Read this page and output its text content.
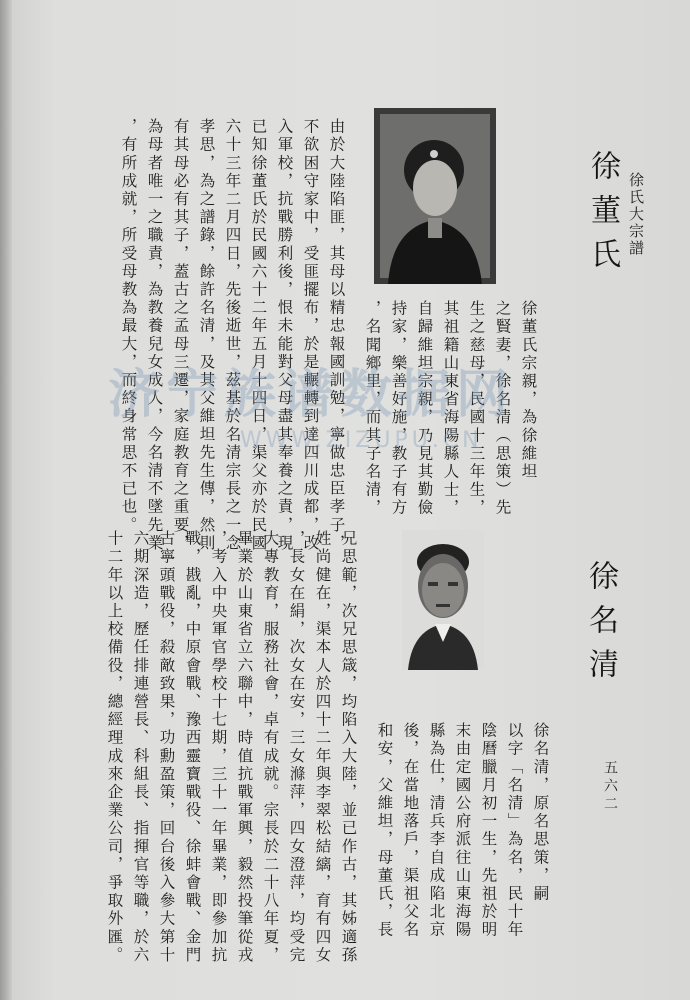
徐氏大宗譜
徐董氏
徐董氏宗親，為徐維坦
之賢妻，徐名清（思策）先
生之慈母，民國十三年生，
其祖籍山東省海陽縣人士，
自歸維坦宗親，乃見其勤儉
持家，樂善好施，教子有方
，名聞鄉里，而其子名清，
由於大陸陷匪，其母以精忠報國訓勉，寧做忠臣孝子，
不欲困守家中，受匪擺布，於是輾轉到達四川成都，改
入軍校，抗戰勝利後，恨未能對父母盡其奉養之責，現
已知徐董氏於民國六十二年五月十四日，渠父亦於民國
六十三年二月四日，先後逝世，茲基於名清宗長之一念
孝思，為之譜錄，餘許名清，及其父維坦先生傳，然則
有其母必有其子，蓋古之孟母三遷，家庭教育之重要，
為母者唯一之職責，為教養兒女成人，今名清不墜先業
，有所成就，所受母教為最大，而終身常思不已也。
徐名清
五六二
徐名清，原名思策，嗣
以字「名清」為名，民十年
陰曆臘月初一生，先祖於明
末由定國公府派往山東海陽
縣為仕，清兵李自成陷北京
後，在當地落戶，渠祖父名
和安，父維坦，母董氏，長
兄思範，次兄思箴，均陷入大陸，並已作古，其姊適孫
姓尚健在，渠本人於四十二年與李翠松結縭，育有四女
，長女在絹，次女在安，三女滌萍，四女澄萍，均受完
大專教育，服務社會，卓有成就。宗長於二十八年夏，
畢業於山東省立六聯中，時值抗戰軍興，毅然投筆從戎
，考入中央軍官學校十七期，三十一年畢業，即參加抗
戰，戡亂，中原會戰、豫西靈寶戰役、徐蚌會戰、金門
古寧頭戰役，殺敵致果，功勳盈策，回台後入參大第十
六期深造，歷任排連營長、科組長、指揮官等職，於六
十二年以上校備役，總經理成來企業公司，爭取外匯。
济宁族谱数据网
WWW.ZIZUPU.CN
